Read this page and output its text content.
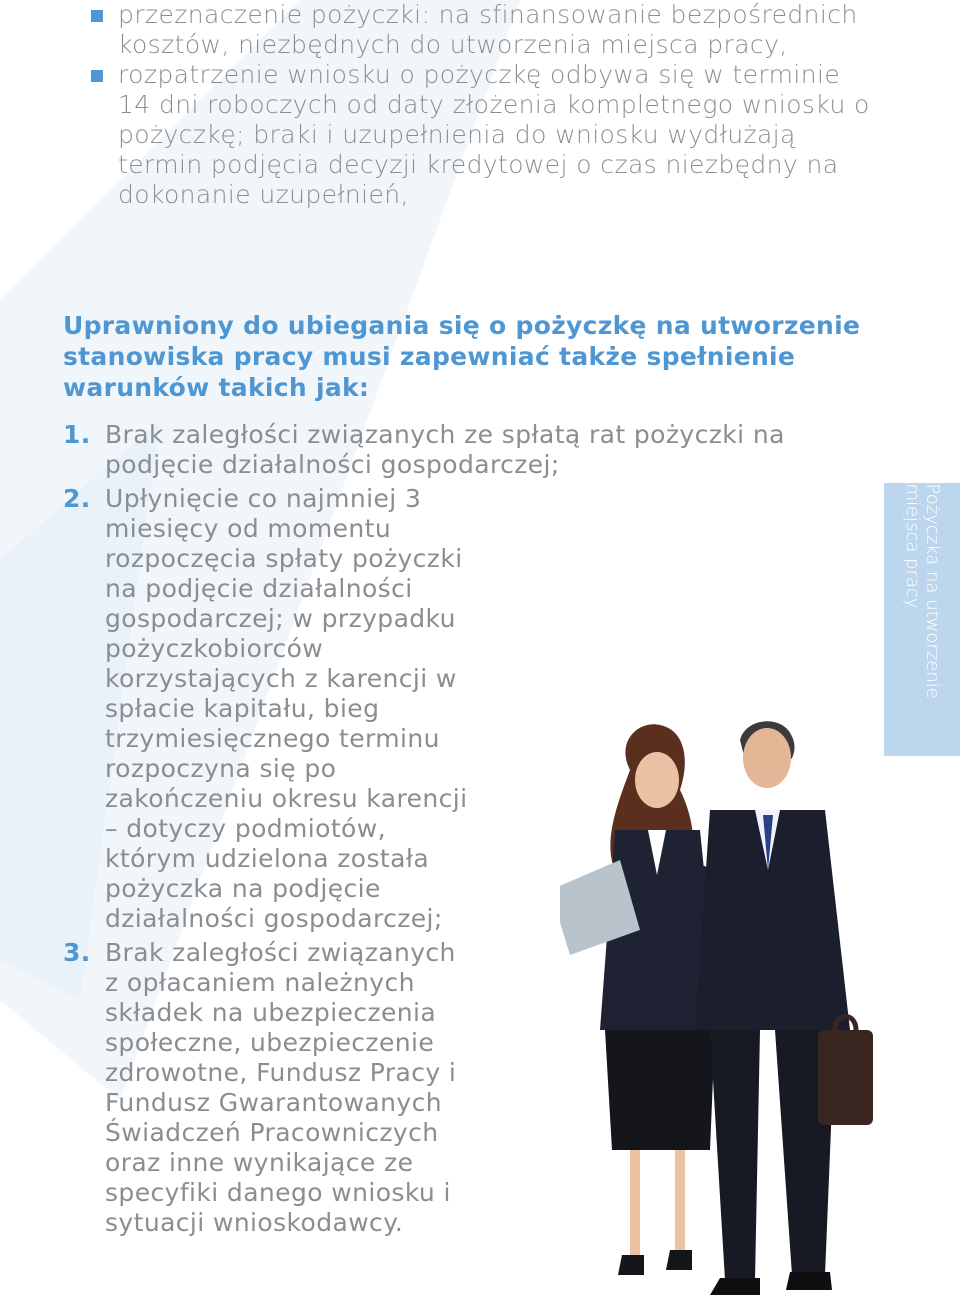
przeznaczenie pożyczki: na sfinansowanie bezpośrednich kosztów, niezbędnych do utworzenia miejsca pracy,
rozpatrzenie wniosku o pożyczkę odbywa się w terminie 14 dni roboczych od daty złożenia kompletnego wniosku o pożyczkę; braki i uzupełnienia do wniosku wydłużają termin podjęcia decyzji kredytowej o czas niezbędny na dokonanie uzupełnień,

Uprawniony do ubiegania się o pożyczkę na utworzenie stanowiska pracy musi zapewniać także spełnienie warunków takich jak:

1. Brak zaległości związanych ze spłatą rat pożyczki na podjęcie działalności gospodarczej;
2. Upłynięcie co najmniej 3 miesięcy od momentu rozpoczęcia spłaty pożyczki na podjęcie działalności gospodarczej; w przypadku pożyczkobiorców korzystających z karencji w spłacie kapitału, bieg trzymiesięcznego terminu rozpoczyna się po zakończeniu okresu karencji – dotyczy podmiotów, którym udzielona została pożyczka na podjęcie działalności gospodarczej;
3. Brak zaległości związanych z opłacaniem należnych składek na ubezpieczenia społeczne, ubezpieczenie zdrowotne, Fundusz Pracy i Fundusz Gwarantowanych Świadczeń Pracowniczych oraz inne wynikające ze specyfiki danego wniosku i sytuacji wnioskodawcy.
Pożyczka na utworzenie
miejsca pracy
